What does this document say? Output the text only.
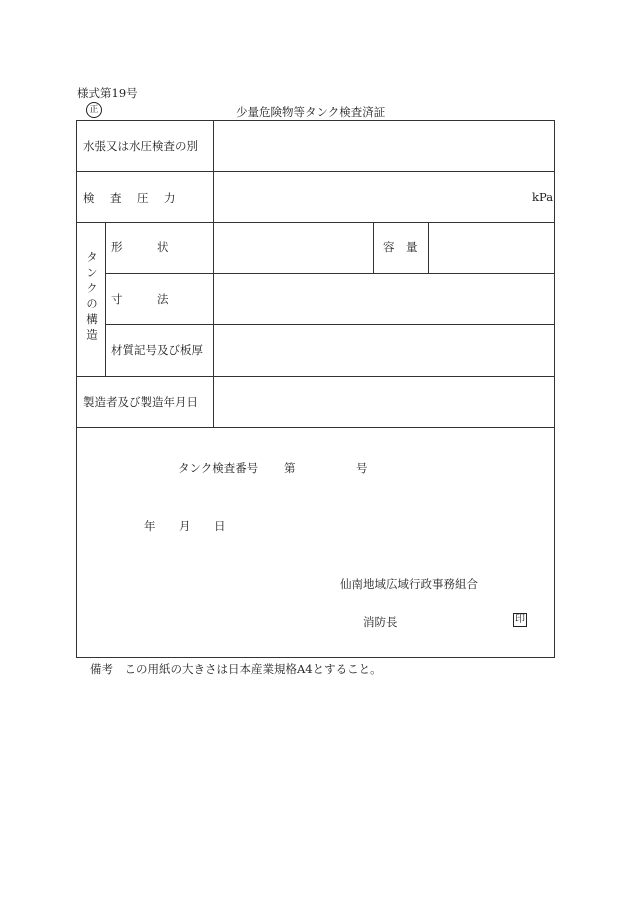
様式第19号
正	少量危険物等タンク検査済証
水張又は水圧検査の別
検　査　圧　力	kPa
タンクの構造
形　　　状	容　量
寸　　　法
材質記号及び板厚
製造者及び製造年月日
タンク検査番号 第	号
年 月 日
仙南地域広域行政事務組合
消防長	印
備考　この用紙の大きさは日本産業規格A4とすること。
